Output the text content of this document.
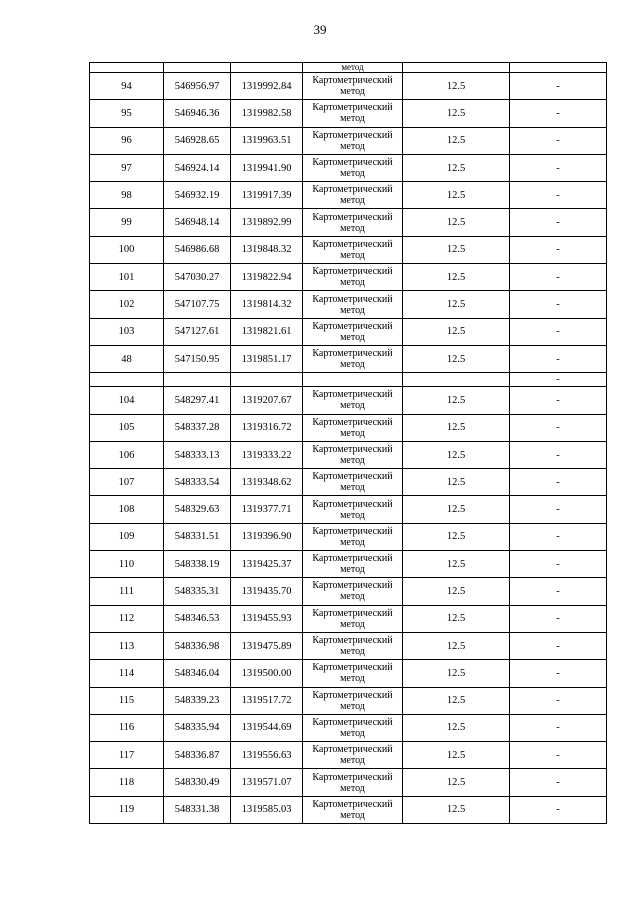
39
			метод		
94	546956.97	1319992.84	Картометрический
метод	12.5	-
95	546946.36	1319982.58	Картометрический
метод	12.5	-
96	546928.65	1319963.51	Картометрический
метод	12.5	-
97	546924.14	1319941.90	Картометрический
метод	12.5	-
98	546932.19	1319917.39	Картометрический
метод	12.5	-
99	546948.14	1319892.99	Картометрический
метод	12.5	-
100	546986.68	1319848.32	Картометрический
метод	12.5	-
101	547030.27	1319822.94	Картометрический
метод	12.5	-
102	547107.75	1319814.32	Картометрический
метод	12.5	-
103	547127.61	1319821.61	Картометрический
метод	12.5	-
48	547150.95	1319851.17	Картометрический
метод	12.5	-
					-
104	548297.41	1319207.67	Картометрический
метод	12.5	-
105	548337.28	1319316.72	Картометрический
метод	12.5	-
106	548333.13	1319333.22	Картометрический
метод	12.5	-
107	548333.54	1319348.62	Картометрический
метод	12.5	-
108	548329.63	1319377.71	Картометрический
метод	12.5	-
109	548331.51	1319396.90	Картометрический
метод	12.5	-
110	548338.19	1319425.37	Картометрический
метод	12.5	-
111	548335.31	1319435.70	Картометрический
метод	12.5	-
112	548346.53	1319455.93	Картометрический
метод	12.5	-
113	548336.98	1319475.89	Картометрический
метод	12.5	-
114	548346.04	1319500.00	Картометрический
метод	12.5	-
115	548339.23	1319517.72	Картометрический
метод	12.5	-
116	548335.94	1319544.69	Картометрический
метод	12.5	-
117	548336.87	1319556.63	Картометрический
метод	12.5	-
118	548330.49	1319571.07	Картометрический
метод	12.5	-
119	548331.38	1319585.03	Картометрический
метод	12.5	-
